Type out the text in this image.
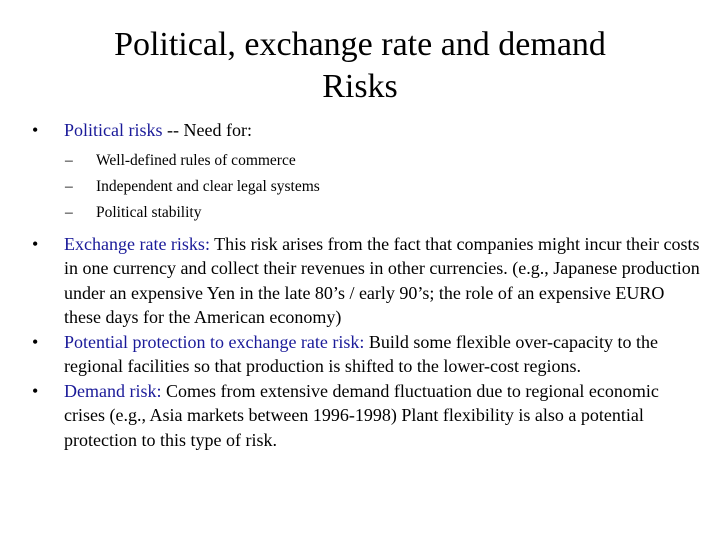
Political, exchange rate and demand
Risks
•	Political risks -- Need for:
– Well-defined rules of commerce
– Independent and clear legal systems
– Political stability
•	Exchange rate risks: This risk arises from the fact that companies might incur their costs in one currency and collect their revenues in other currencies. (e.g., Japanese production under an expensive Yen in the late 80’s / early 90’s; the role of an expensive EURO these days for the American economy)
•	Potential protection to exchange rate risk: Build some flexible over-capacity to the regional facilities so that production is shifted to the lower-cost regions.
•	Demand risk: Comes from extensive demand fluctuation due to regional economic crises (e.g., Asia markets between 1996-1998) Plant flexibility is also a potential protection to this type of risk.
